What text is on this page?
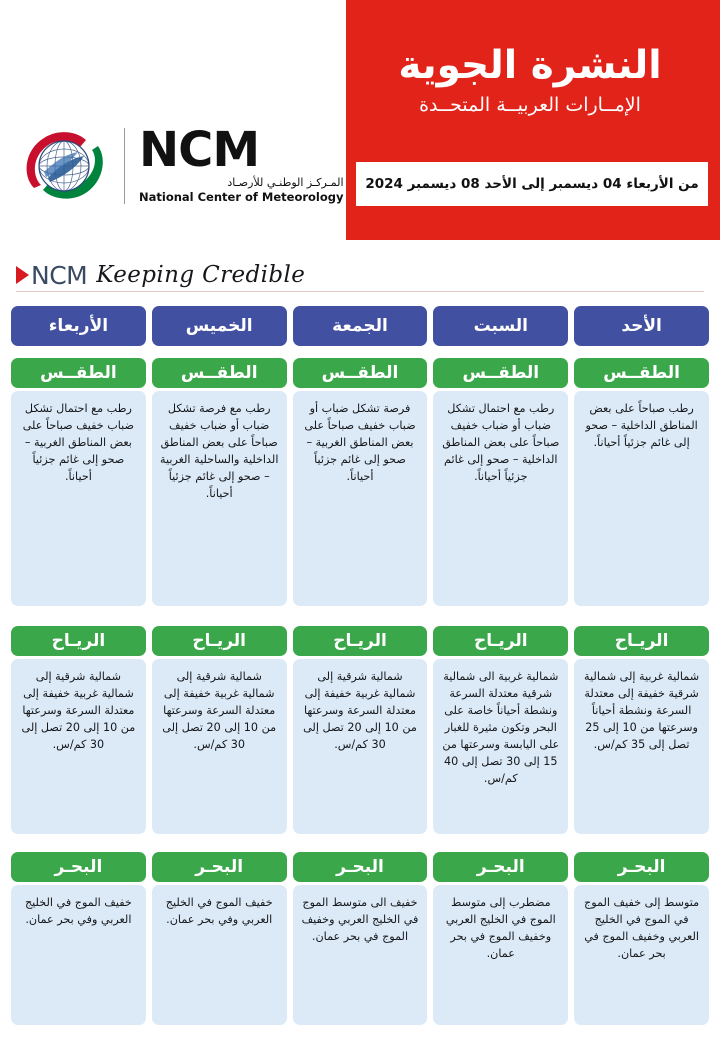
النشرة الجوية
الإمــارات العربيــة المتحــدة
من الأربعاء 04 ديسمبر إلى الأحد 08 ديسمبر 2024
NCM
المـركـز الوطنـي للأرصـاد
National Center of Meteorology
NCM Keeping Credible
الأربعاء
الطقــس
رطب مع احتمال تشكل ضباب خفيف صباحاً على بعض المناطق الغربية – صحو إلى غائم جزئياً أحياناً.
الريـاح
شمالية شرقية إلى شمالية غربية خفيفة إلى معتدلة السرعة وسرعتها من 10 إلى 20 تصل إلى 30 كم/س.
البحـر
خفيف الموج في الخليج العربي وفي بحر عمان.
الخميس
الطقــس
رطب مع فرصة تشكل ضباب أو ضباب خفيف صباحاً على بعض المناطق الداخلية والساحلية الغربية – صحو إلى غائم جزئياً أحياناً.
الريـاح
شمالية شرقية إلى شمالية غربية خفيفة إلى معتدلة السرعة وسرعتها من 10 إلى 20 تصل إلى 30 كم/س.
البحـر
خفيف الموج في الخليج العربي وفي بحر عمان.
الجمعة
الطقــس
فرصة تشكل ضباب أو ضباب خفيف صباحاً على بعض المناطق الغربية – صحو إلى غائم جزئياً أحياناً.
الريـاح
شمالية شرقية إلى شمالية غربية خفيفة إلى معتدلة السرعة وسرعتها من 10 إلى 20 تصل إلى 30 كم/س.
البحـر
خفيف الى متوسط الموج في الخليج العربي وخفيف الموج في بحر عمان.
السبت
الطقــس
رطب مع احتمال تشكل ضباب أو ضباب خفيف صباحاً على بعض المناطق الداخلية – صحو إلى غائم جزئياً أحياناً.
الريـاح
شمالية غربية الى شمالية شرقية معتدلة السرعة ونشطة أحياناً خاصة على البحر وتكون مثيرة للغبار على اليابسة وسرعتها من 15 إلى 30 تصل إلى 40 كم/س.
البحـر
مضطرب إلى متوسط الموج في الخليج العربي وخفيف الموج في بحر عمان.
الأحد
الطقــس
رطب صباحاً على بعض المناطق الداخلية – صحو إلى غائم جزئياً أحياناً.
الريـاح
شمالية غربية إلى شمالية شرقية خفيفة إلى معتدلة السرعة ونشطة أحياناً وسرعتها من 10 إلى 25 تصل إلى 35 كم/س.
البحـر
متوسط إلى خفيف الموج في الموج في الخليج العربي وخفيف الموج في بحر عمان.
